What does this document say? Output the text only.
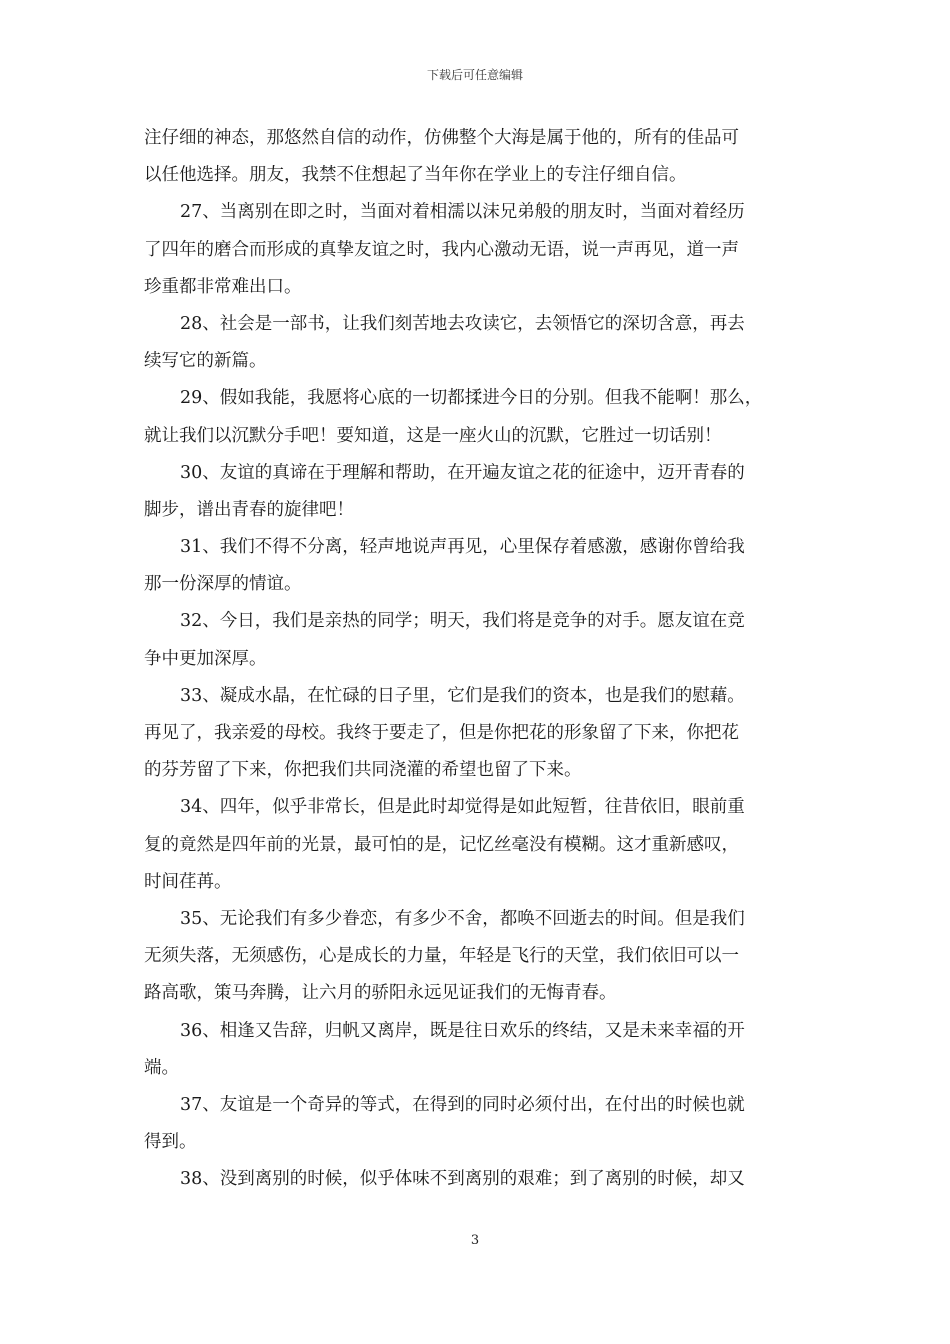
下载后可任意编辑
注仔细的神态，那悠然自信的动作，仿佛整个大海是属于他的，所有的佳品可
以任他选择。朋友，我禁不住想起了当年你在学业上的专注仔细自信。
27、当离别在即之时，当面对着相濡以沫兄弟般的朋友时，当面对着经历
了四年的磨合而形成的真挚友谊之时，我内心激动无语，说一声再见，道一声
珍重都非常难出口。
28、社会是一部书，让我们刻苦地去攻读它，去领悟它的深切含意，再去
续写它的新篇。
29、假如我能，我愿将心底的一切都揉进今日的分别。但我不能啊！那么，
就让我们以沉默分手吧！要知道，这是一座火山的沉默，它胜过一切话别！
30、友谊的真谛在于理解和帮助，在开遍友谊之花的征途中，迈开青春的
脚步，谱出青春的旋律吧！
31、我们不得不分离，轻声地说声再见，心里保存着感激，感谢你曾给我
那一份深厚的情谊。
32、今日，我们是亲热的同学；明天，我们将是竞争的对手。愿友谊在竞
争中更加深厚。
33、凝成水晶，在忙碌的日子里，它们是我们的资本，也是我们的慰藉。
再见了，我亲爱的母校。我终于要走了，但是你把花的形象留了下来，你把花
的芬芳留了下来，你把我们共同浇灌的希望也留了下来。
34、四年，似乎非常长，但是此时却觉得是如此短暂，往昔依旧，眼前重
复的竟然是四年前的光景，最可怕的是，记忆丝毫没有模糊。这才重新感叹，
时间荏苒。
35、无论我们有多少眷恋，有多少不舍，都唤不回逝去的时间。但是我们
无须失落，无须感伤，心是成长的力量，年轻是飞行的天堂，我们依旧可以一
路高歌，策马奔腾，让六月的骄阳永远见证我们的无悔青春。
36、相逢又告辞，归帆又离岸，既是往日欢乐的终结，又是未来幸福的开
端。
37、友谊是一个奇异的等式，在得到的同时必须付出，在付出的时候也就
得到。
38、没到离别的时候，似乎体味不到离别的艰难；到了离别的时候，却又
3
